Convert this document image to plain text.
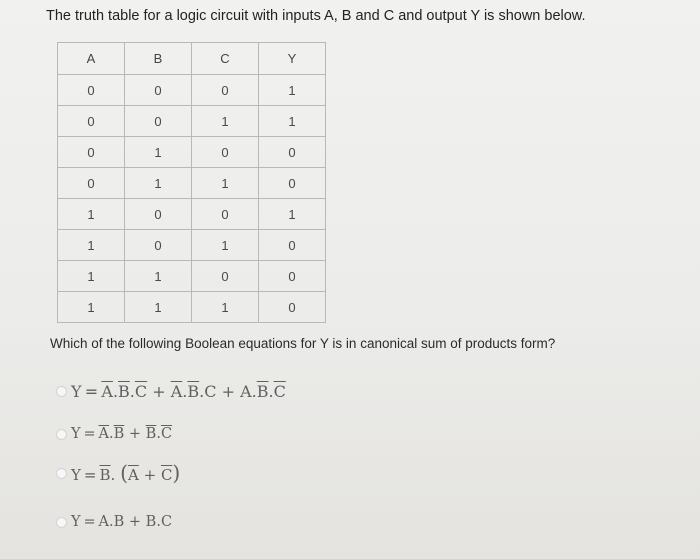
The truth table for a logic circuit with inputs A, B and C and output Y is shown below.
A	B	C	Y
0	0	0	1
0	0	1	1
0	1	0	0
0	1	1	0
1	0	0	1
1	0	1	0
1	1	0	0
1	1	1	0
Which of the following Boolean equations for Y is in canonical sum of products form?
$Y = \overline{A}.\overline{B}.\overline{C} + \overline{A}.\overline{B}.C + A.\overline{B}.\overline{C}$
$Y = \overline{A}.\overline{B} + \overline{B}.\overline{C}$
$Y = \overline{B}$. $(\overline{A} + \overline{C})$
Y  =  A.B + B.C
